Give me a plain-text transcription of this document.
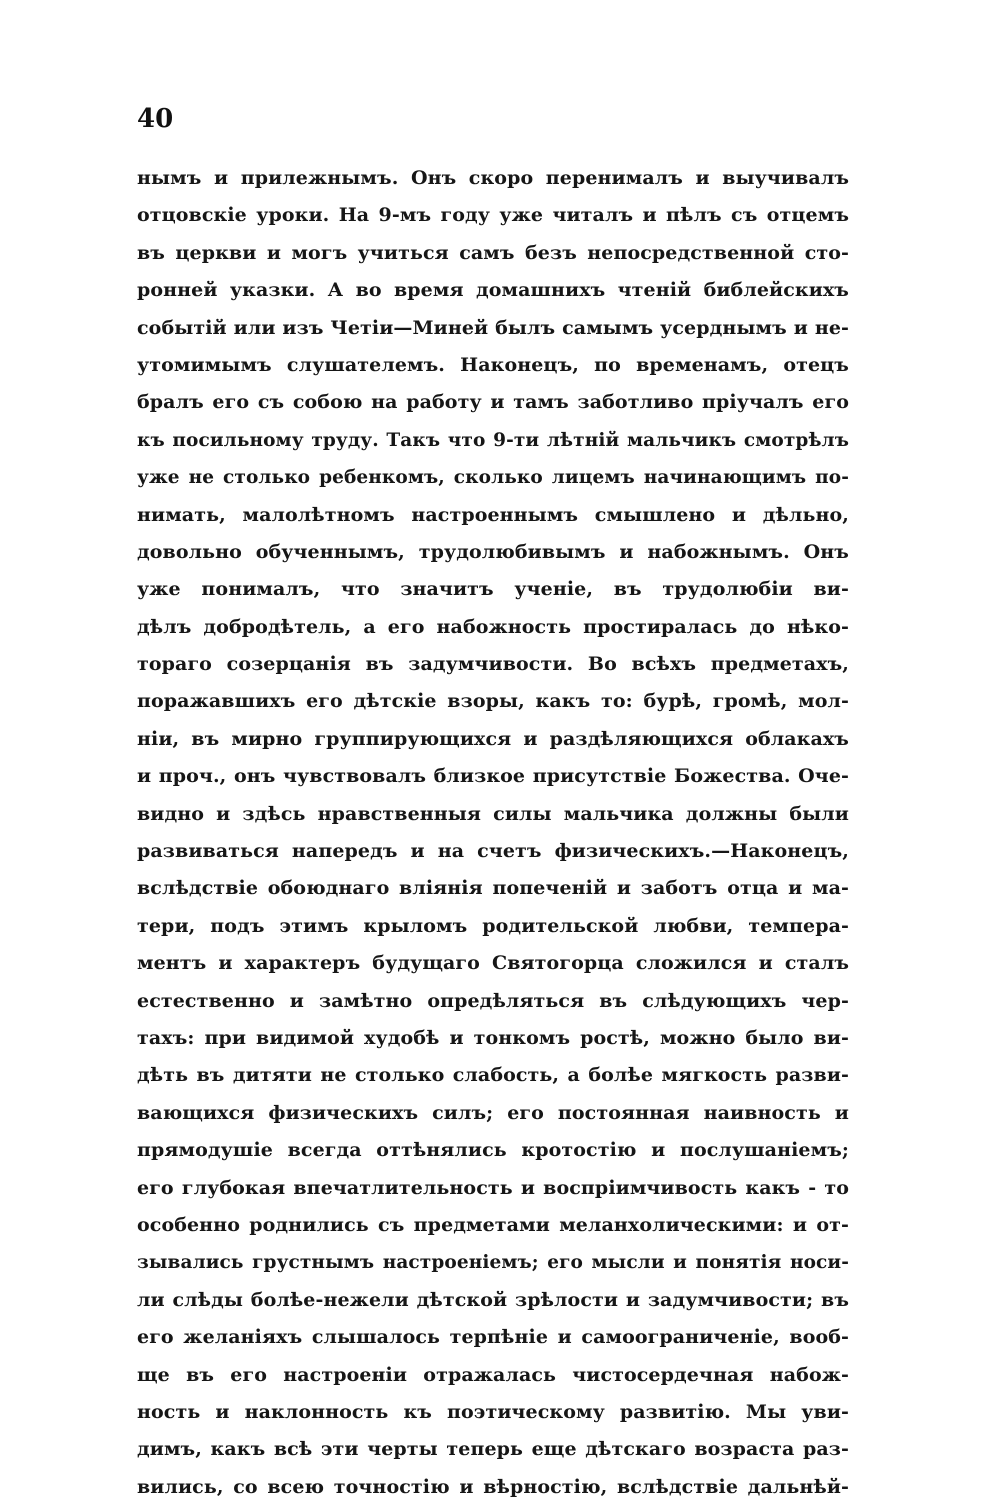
40
нымъ и прилежнымъ. Онъ скоро перенималъ и выучивалъ
отцовскіе уроки. На 9-мъ году уже читалъ и пѣлъ съ отцемъ
въ церкви и могъ учиться самъ безъ непосредственной сто-
ронней указки. А во время домашнихъ чтеній библейскихъ
событій или изъ Четіи—Миней былъ самымъ усерднымъ и не-
утомимымъ слушателемъ. Наконецъ, по временамъ, отецъ
бралъ его съ собою на работу и тамъ заботливо пріучалъ его
къ посильному труду. Такъ что 9-ти лѣтній мальчикъ смотрѣлъ
уже не столько ребенкомъ, сколько лицемъ начинающимъ по-
нимать, малолѣтномъ настроеннымъ смышлено и дѣльно,
довольно обученнымъ, трудолюбивымъ и набожнымъ. Онъ
уже понималъ, что значитъ ученіе, въ трудолюбіи ви-
дѣлъ добродѣтель, а его набожность простиралась до нѣко-
тораго созерцанія въ задумчивости. Во всѣхъ предметахъ,
поражавшихъ его дѣтскіе взоры, какъ то: бурѣ, громѣ, мол-
ніи, въ мирно группирующихся и раздѣляющихся облакахъ
и проч., онъ чувствовалъ близкое присутствіе Божества. Оче-
видно и здѣсь нравственныя силы мальчика должны были
развиваться напередъ и на счетъ физическихъ.—Наконецъ,
вслѣдствіе обоюднаго вліянія попеченій и заботъ отца и ма-
тери, подъ этимъ крыломъ родительской любви, темпера-
ментъ и характеръ будущаго Святогорца сложился и сталъ
естественно и замѣтно опредѣляться въ слѣдующихъ чер-
тахъ: при видимой худобѣ и тонкомъ ростѣ, можно было ви-
дѣть въ дитяти не столько слабость, а болѣе мягкость разви-
вающихся физическихъ силъ; его постоянная наивность и
прямодушіе всегда оттѣнялись кротостію и послушаніемъ;
его глубокая впечатлительность и воспріимчивость какъ - то
особенно роднились съ предметами меланхолическими: и от-
зывались грустнымъ настроеніемъ; его мысли и понятія носи-
ли слѣды болѣе-нежели дѣтской зрѣлости и задумчивости; въ
его желаніяхъ слышалось терпѣніе и самоограниченіе, вооб-
ще въ его настроеніи отражалась чистосердечная набож-
ность и наклонность къ поэтическому развитію. Мы уви-
димъ, какъ всѣ эти черты теперь еще дѣтскаго возраста раз-
вились, со всею точностію и вѣрностію, вслѣдствіе дальнѣй-
